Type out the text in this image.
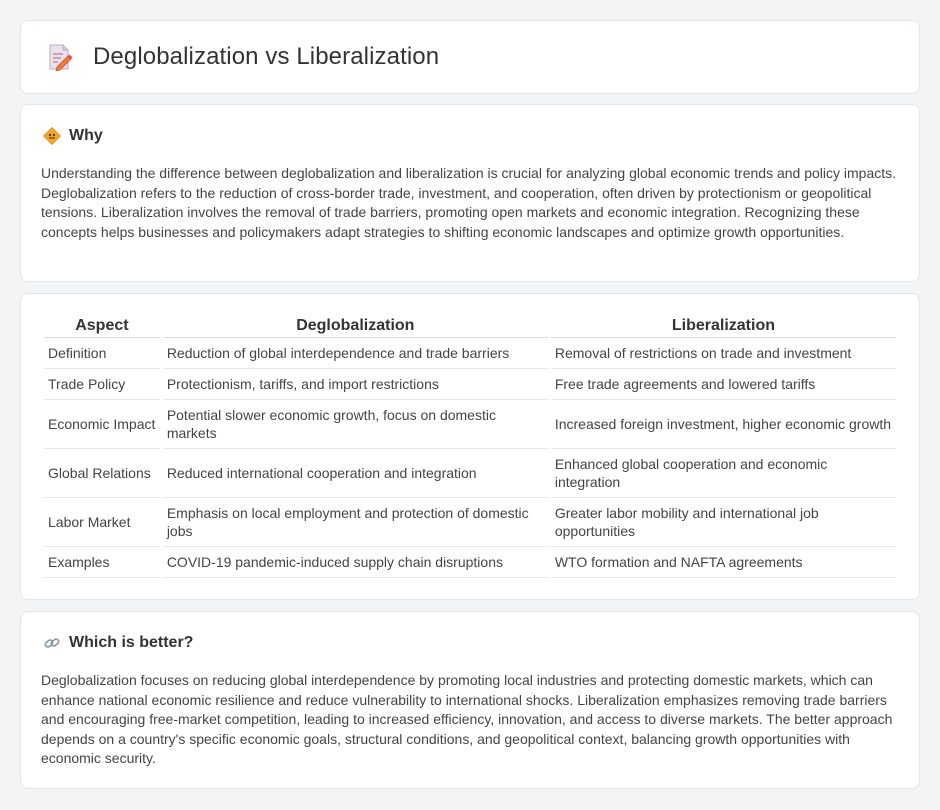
Deglobalization vs Liberalization
Why

Understanding the difference between deglobalization and liberalization is crucial for analyzing global economic trends and policy impacts. Deglobalization refers to the reduction of cross-border trade, investment, and cooperation, often driven by protectionism or geopolitical tensions. Liberalization involves the removal of trade barriers, promoting open markets and economic integration. Recognizing these concepts helps businesses and policymakers adapt strategies to shifting economic landscapes and optimize growth opportunities.

Aspect	Deglobalization	Liberalization
Definition	Reduction of global interdependence and trade barriers	Removal of restrictions on trade and investment
Trade Policy	Protectionism, tariffs, and import restrictions	Free trade agreements and lowered tariffs
Economic Impact	Potential slower economic growth, focus on domestic markets	Increased foreign investment, higher economic growth
Global Relations	Reduced international cooperation and integration	Enhanced global cooperation and economic integration
Labor Market	Emphasis on local employment and protection of domestic jobs	Greater labor mobility and international job opportunities
Examples	COVID-19 pandemic-induced supply chain disruptions	WTO formation and NAFTA agreements
Which is better?

Deglobalization focuses on reducing global interdependence by promoting local industries and protecting domestic markets, which can enhance national economic resilience and reduce vulnerability to international shocks. Liberalization emphasizes removing trade barriers and encouraging free-market competition, leading to increased efficiency, innovation, and access to diverse markets. The better approach depends on a country's specific economic goals, structural conditions, and geopolitical context, balancing growth opportunities with economic security.
